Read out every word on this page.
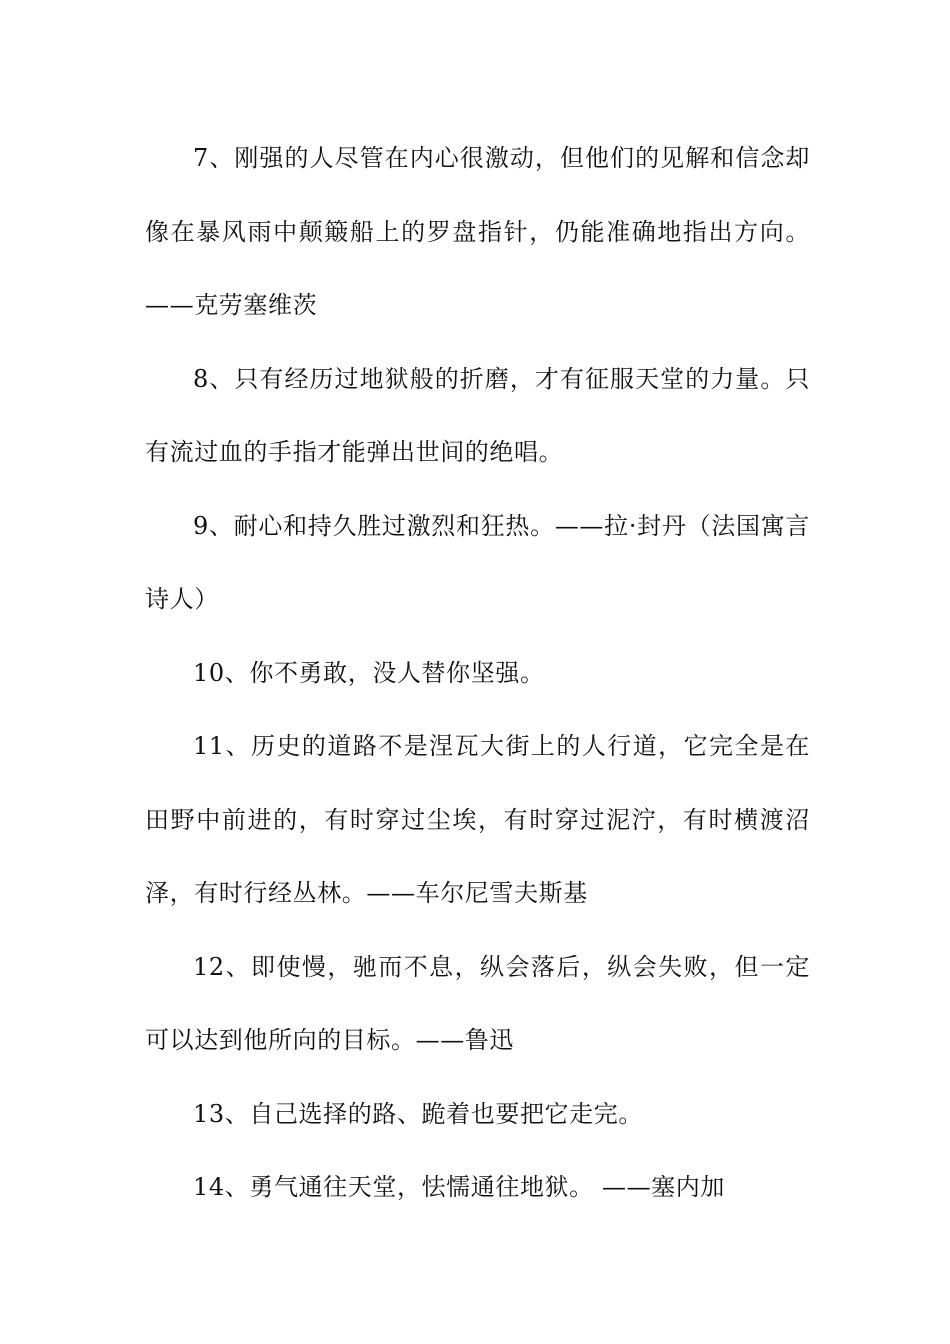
7、刚强的人尽管在内心很激动，但他们的见解和信念却像在暴风雨中颠簸船上的罗盘指针，仍能准确地指出方向。 ——克劳塞维茨

8、只有经历过地狱般的折磨，才有征服天堂的力量。只有流过血的手指才能弹出世间的绝唱。

9、耐心和持久胜过激烈和狂热。——拉·封丹（法国寓言诗人）

10、你不勇敢，没人替你坚强。

11、历史的道路不是涅瓦大街上的人行道，它完全是在田野中前进的，有时穿过尘埃，有时穿过泥泞，有时横渡沼泽，有时行经丛林。——车尔尼雪夫斯基

12、即使慢，驰而不息，纵会落后，纵会失败，但一定可以达到他所向的目标。——鲁迅

13、自己选择的路、跪着也要把它走完。

14、勇气通往天堂，怯懦通往地狱。 ——塞内加
